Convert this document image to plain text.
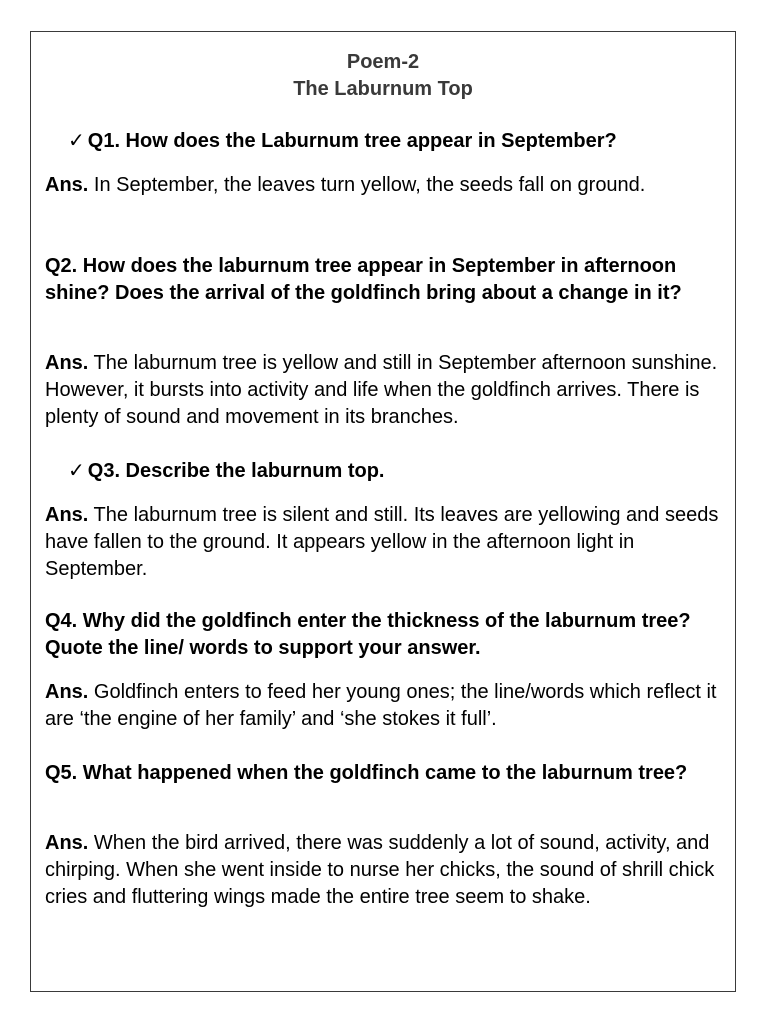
Poem-2
The Laburnum Top
✓ Q1. How does the Laburnum tree appear in September?
Ans. In September, the leaves turn yellow, the seeds fall on ground.
Q2. How does the laburnum tree appear in September in afternoon shine? Does the arrival of the goldfinch bring about a change in it?
Ans. The laburnum tree is yellow and still in September afternoon sunshine. However, it bursts into activity and life when the goldfinch arrives. There is plenty of sound and movement in its branches.
✓ Q3. Describe the laburnum top.
Ans. The laburnum tree is silent and still. Its leaves are yellowing and seeds have fallen to the ground. It appears yellow in the afternoon light in September.
Q4. Why did the goldfinch enter the thickness of the laburnum tree? Quote the line/ words to support your answer.
Ans. Goldfinch enters to feed her young ones; the line/words which reflect it are ‘the engine of her family’ and ‘she stokes it full’.
Q5. What happened when the goldfinch came to the laburnum tree?
Ans. When the bird arrived, there was suddenly a lot of sound, activity, and chirping. When she went inside to nurse her chicks, the sound of shrill chick cries and fluttering wings made the entire tree seem to shake.
